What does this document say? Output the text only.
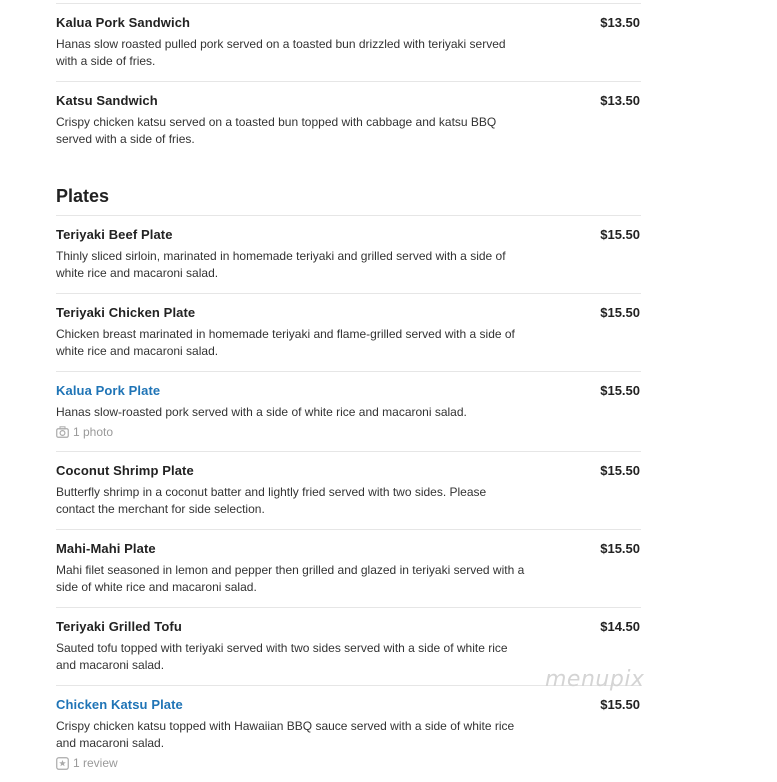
Kalua Pork Sandwich	$13.50
Hanas slow roasted pulled pork served on a toasted bun drizzled with teriyaki served with a side of fries.
Katsu Sandwich	$13.50
Crispy chicken katsu served on a toasted bun topped with cabbage and katsu BBQ served with a side of fries.
Plates
Teriyaki Beef Plate	$15.50
Thinly sliced sirloin, marinated in homemade teriyaki and grilled served with a side of white rice and macaroni salad.
Teriyaki Chicken Plate	$15.50
Chicken breast marinated in homemade teriyaki and flame-grilled served with a side of white rice and macaroni salad.
Kalua Pork Plate	$15.50
Hanas slow-roasted pork served with a side of white rice and macaroni salad.
1 photo
Coconut Shrimp Plate	$15.50
Butterfly shrimp in a coconut batter and lightly fried served with two sides. Please contact the merchant for side selection.
Mahi-Mahi Plate	$15.50
Mahi filet seasoned in lemon and pepper then grilled and glazed in teriyaki served with a side of white rice and macaroni salad.
Teriyaki Grilled Tofu	$14.50
Sauted tofu topped with teriyaki served with two sides served with a side of white rice and macaroni salad.
Chicken Katsu Plate	$15.50
Crispy chicken katsu topped with Hawaiian BBQ sauce served with a side of white rice and macaroni salad.
1 review
menupix
